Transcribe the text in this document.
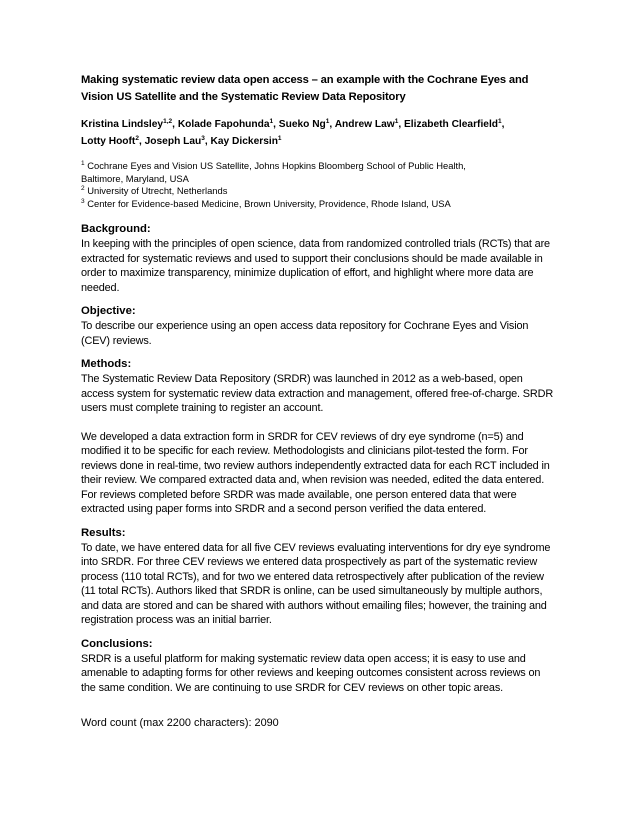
Making systematic review data open access – an example with the Cochrane Eyes and Vision US Satellite and the Systematic Review Data Repository

Kristina Lindsley$^{1,2}$, Kolade Fapohunda$^1$, Sueko Ng$^1$, Andrew Law$^1$, Elizabeth Clearfield$^1$,
Lotty Hooft$^2$, Joseph Lau$^3$, Kay Dickersin$^1$

$^1$ Cochrane Eyes and Vision US Satellite, Johns Hopkins Bloomberg School of Public Health,
Baltimore, Maryland, USA
$^2$ University of Utrecht, Netherlands
$^3$ Center for Evidence-based Medicine, Brown University, Providence, Rhode Island, USA

Background:

In keeping with the principles of open science, data from randomized controlled trials (RCTs) that are extracted for systematic reviews and used to support their conclusions should be made available in order to maximize transparency, minimize duplication of effort, and highlight where more data are needed.

Objective:

To describe our experience using an open access data repository for Cochrane Eyes and Vision (CEV) reviews.

Methods:

The Systematic Review Data Repository (SRDR) was launched in 2012 as a web-based, open access system for systematic review data extraction and management, offered free-of-charge. SRDR users must complete training to register an account.

We developed a data extraction form in SRDR for CEV reviews of dry eye syndrome (n=5) and modified it to be specific for each review. Methodologists and clinicians pilot-tested the form. For reviews done in real-time, two review authors independently extracted data for each RCT included in their review. We compared extracted data and, when revision was needed, edited the data entered. For reviews completed before SRDR was made available, one person entered data that were extracted using paper forms into SRDR and a second person verified the data entered.

Results:

To date, we have entered data for all five CEV reviews evaluating interventions for dry eye syndrome into SRDR. For three CEV reviews we entered data prospectively as part of the systematic review process (110 total RCTs), and for two we entered data retrospectively after publication of the review (11 total RCTs). Authors liked that SRDR is online, can be used simultaneously by multiple authors, and data are stored and can be shared with authors without emailing files; however, the training and registration process was an initial barrier.

Conclusions:

SRDR is a useful platform for making systematic review data open access; it is easy to use and amenable to adapting forms for other reviews and keeping outcomes consistent across reviews on the same condition. We are continuing to use SRDR for CEV reviews on other topic areas.

Word count (max 2200 characters): 2090
